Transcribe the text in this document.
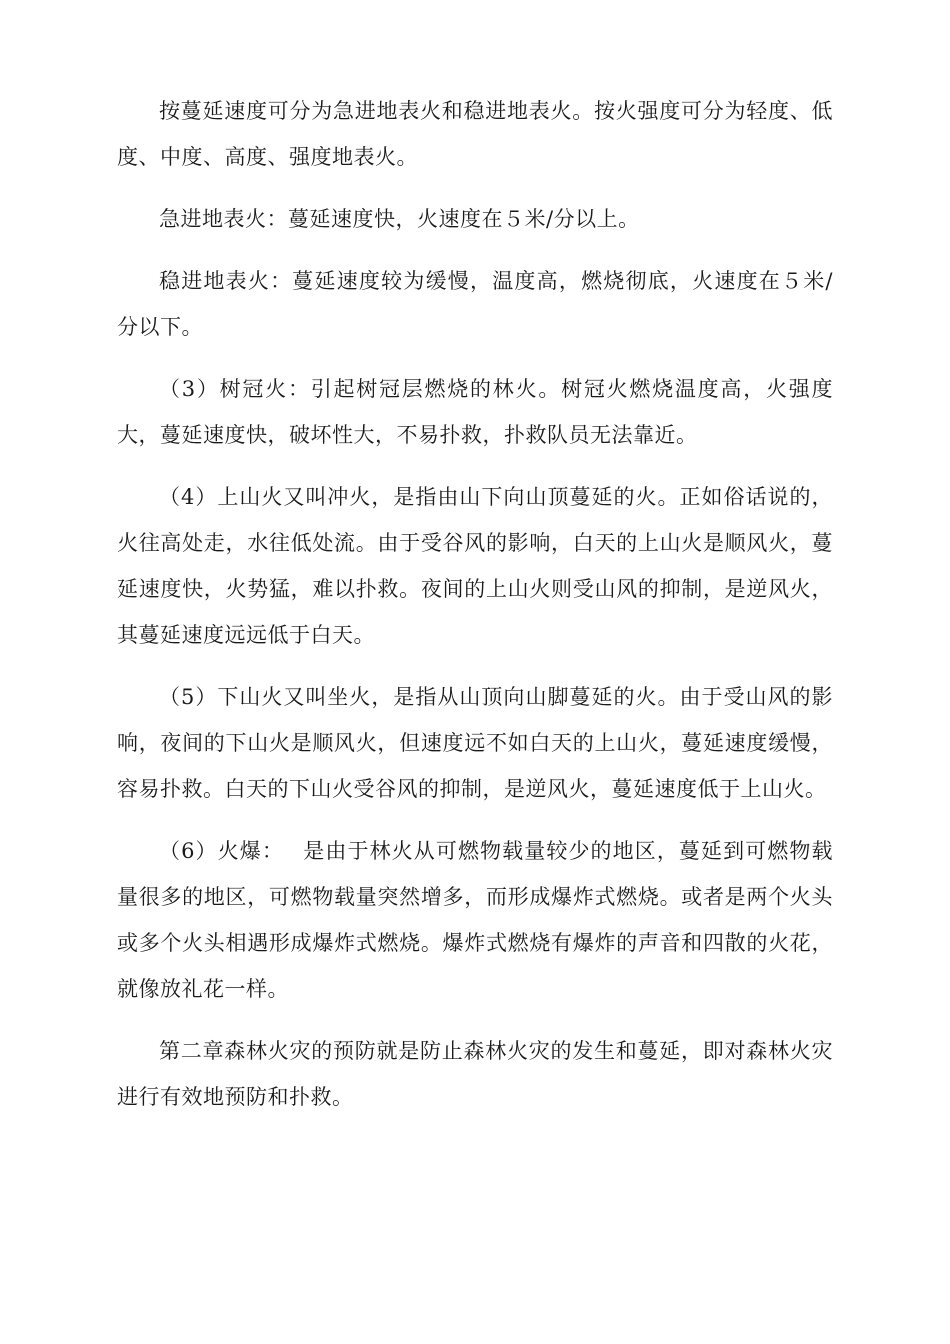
按蔓延速度可分为急进地表火和稳进地表火。按火强度可分为轻度、低度、中度、高度、强度地表火。

急进地表火：蔓延速度快，火速度在５米/分以上。

稳进地表火：蔓延速度较为缓慢，温度高，燃烧彻底，火速度在５米/分以下。

（3）树冠火：引起树冠层燃烧的林火。树冠火燃烧温度高，火强度大，蔓延速度快，破坏性大，不易扑救，扑救队员无法靠近。

（4）上山火又叫冲火，是指由山下向山顶蔓延的火。正如俗话说的，火往高处走，水往低处流。由于受谷风的影响，白天的上山火是顺风火，蔓延速度快，火势猛，难以扑救。夜间的上山火则受山风的抑制，是逆风火，其蔓延速度远远低于白天。

（5）下山火又叫坐火，是指从山顶向山脚蔓延的火。由于受山风的影响，夜间的下山火是顺风火，但速度远不如白天的上山火，蔓延速度缓慢，容易扑救。白天的下山火受谷风的抑制，是逆风火，蔓延速度低于上山火。

（6）火爆：　 是由于林火从可燃物载量较少的地区，蔓延到可燃物载量很多的地区，可燃物载量突然增多，而形成爆炸式燃烧。或者是两个火头或多个火头相遇形成爆炸式燃烧。爆炸式燃烧有爆炸的声音和四散的火花，就像放礼花一样。

第二章森林火灾的预防就是防止森林火灾的发生和蔓延，即对森林火灾进行有效地预防和扑救。
